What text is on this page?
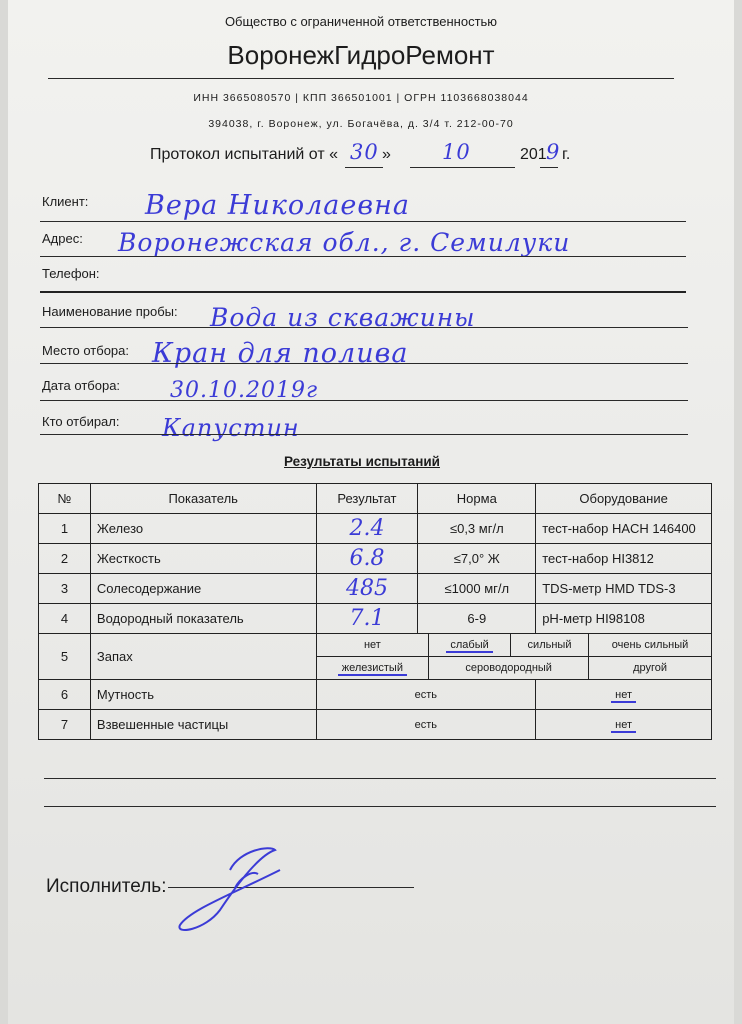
Общество с ограниченной ответственностью
ВоронежГидроРемонт
ИНН 3665080570 | КПП 366501001 | ОГРН 1103668038044
394038, г. Воронеж, ул. Богачёва, д. 3/4 т. 212-00-70
Протокол испытаний от « 30 » 10	201 9 г.
Клиент: Вера Николаевна
Адрес: Воронежская обл., г. Семилуки
Телефон:
Наименование пробы: Вода из скважины
Место отбора: Кран для полива
Дата отбора: 30.10.2019г
Кто отбирал: Капустин
Результаты испытаний
№	Показатель	Результат	Норма	Оборудование
1	Железо	2.4	≤0,3 мг/л	тест-набор HACH 146400
2	Жесткость	6.8	≤7,0° Ж	тест-набор HI3812
3	Солесодержание	485	≤1000 мг/л	TDS-метр HMD TDS-3
4	Водородный показатель	7.1	6-9	pH-метр HI98108
5	Запах	
нет	слабый	сильный	очень сильный
железистый	сероводородный	другой

6	Мутность	есть	нет
7	Взвешенные частицы	есть	нет
Исполнитель:
